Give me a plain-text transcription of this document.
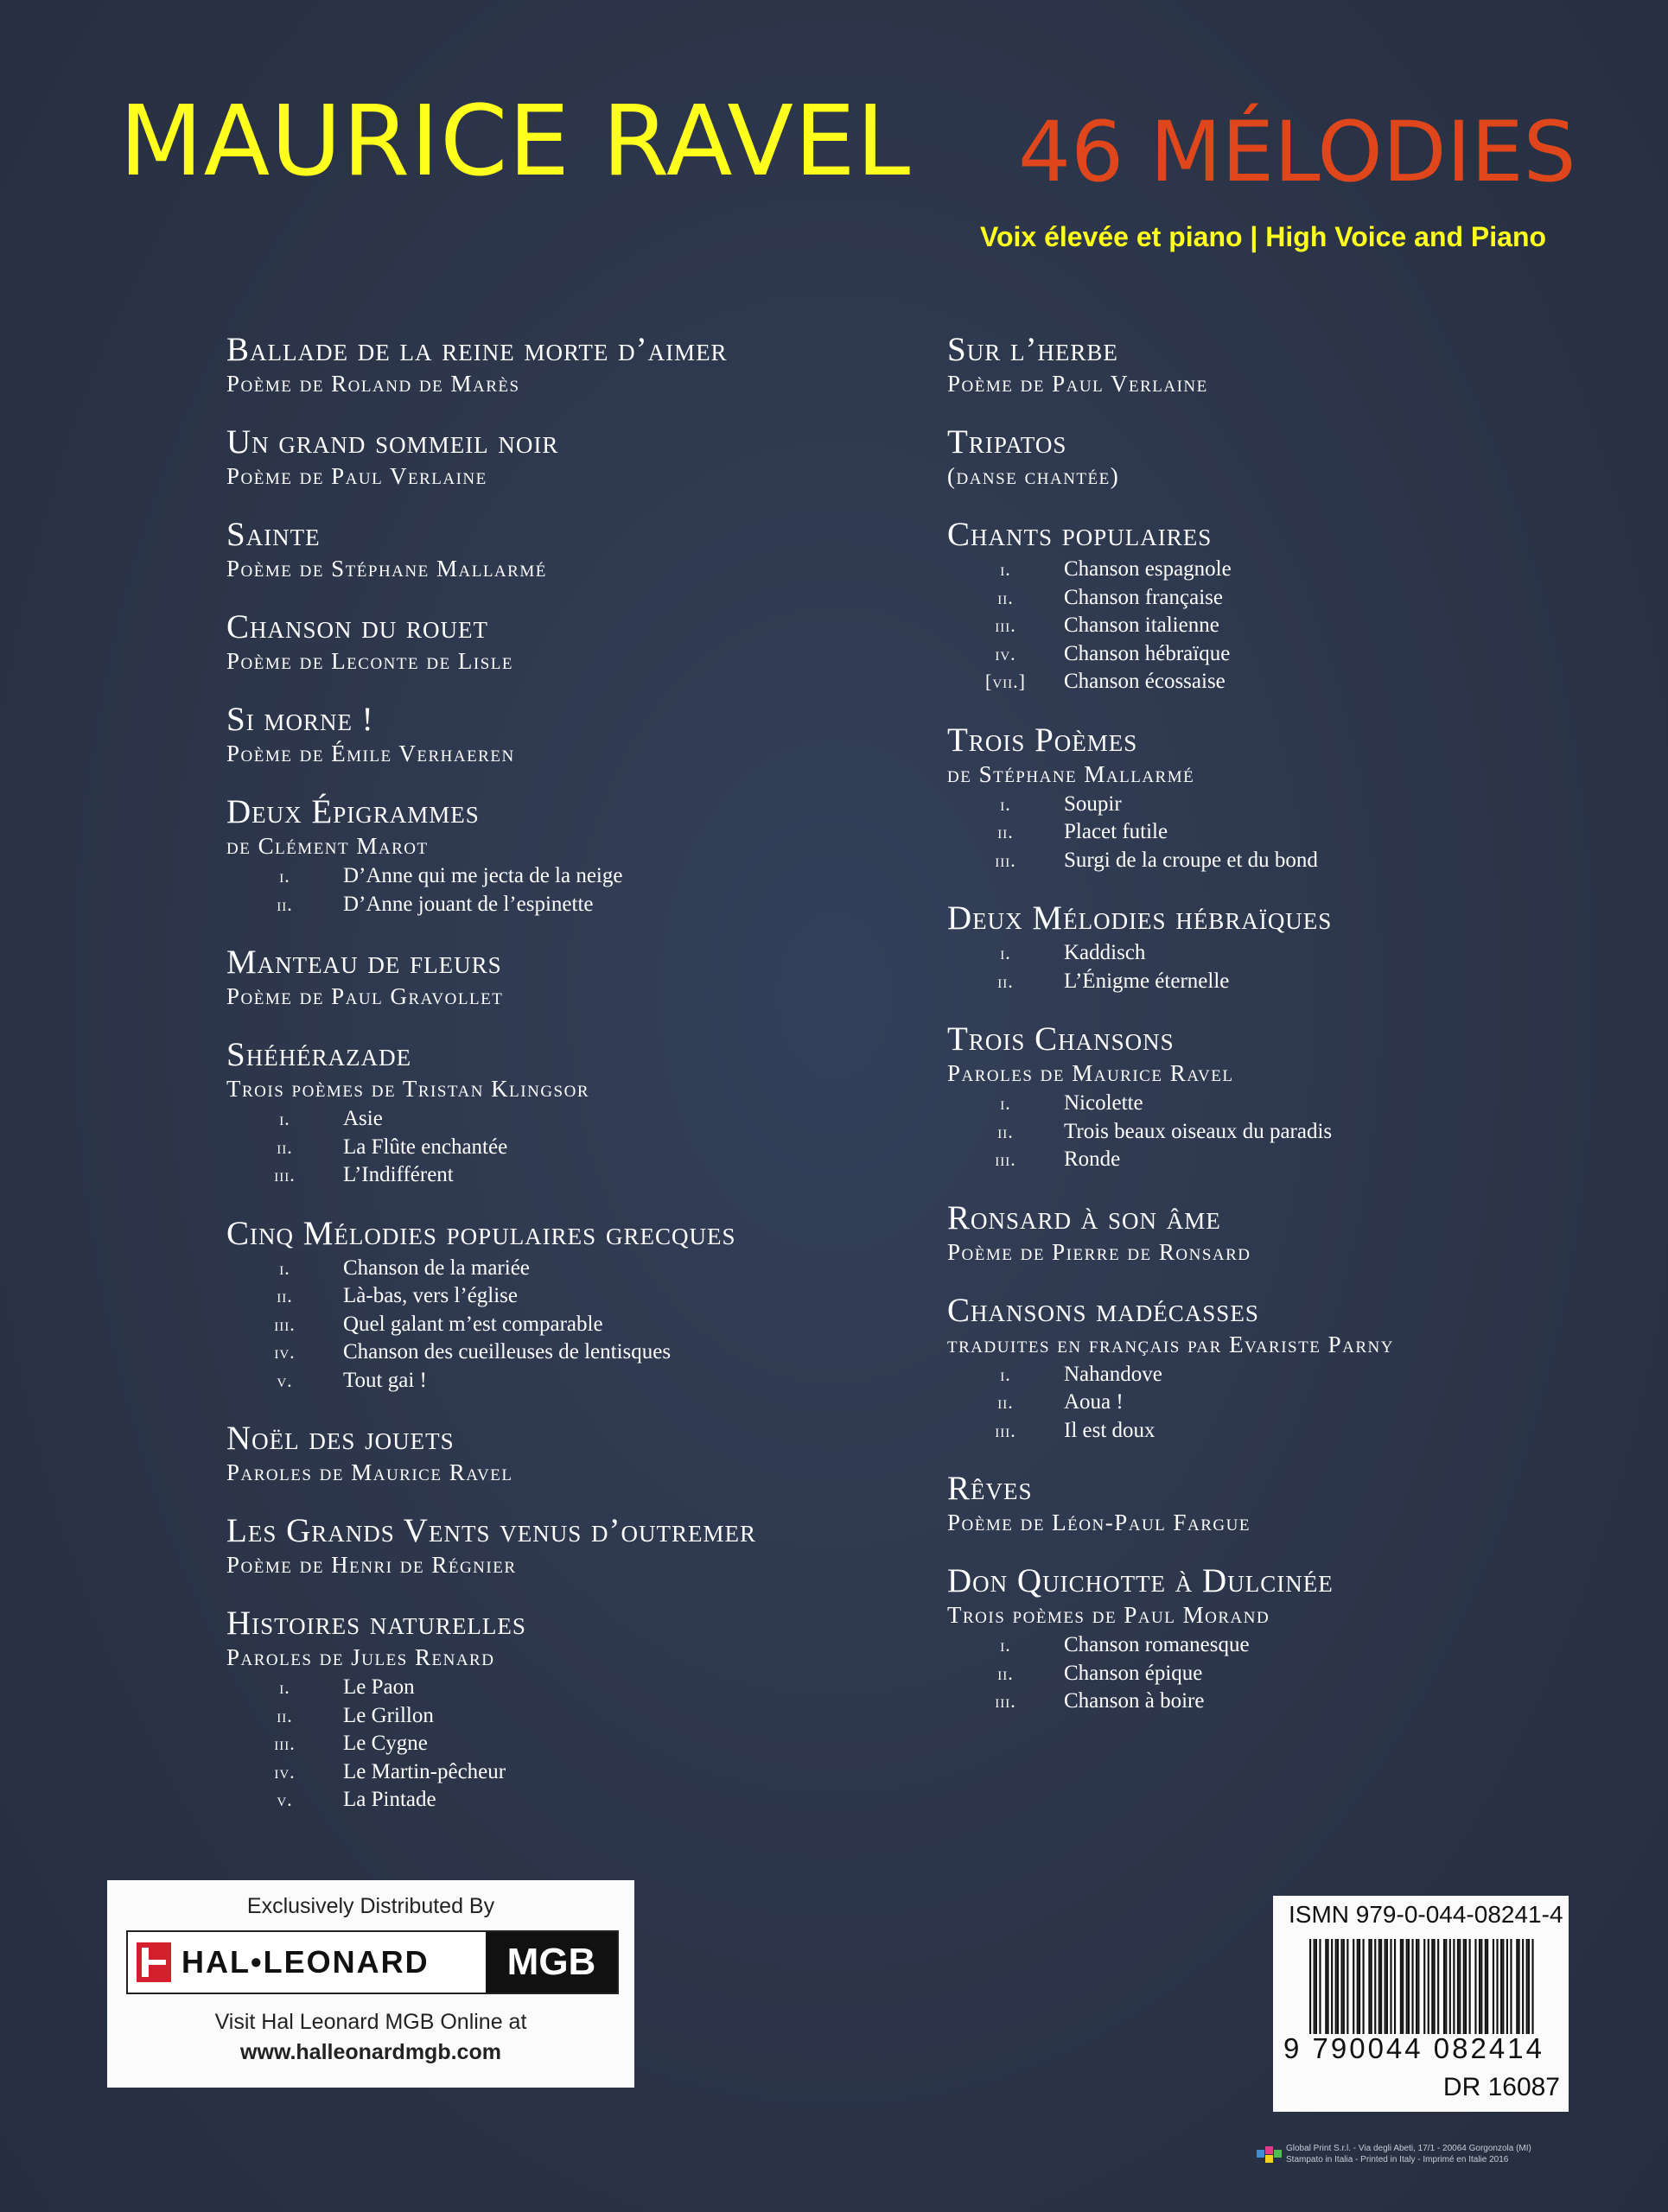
MAURICE RAVEL 46 MÉLODIES
Voix élevée et piano | High Voice and Piano
Ballade de la reine morte d’aimer
Poème de Roland de Marès
Un grand sommeil noir
Poème de Paul Verlaine
Sainte
Poème de Stéphane Mallarmé
Chanson du rouet
Poème de Leconte de Lisle
Si morne !
Poème de Émile Verhaeren
Deux Épigrammes
de Clément Marot
i.	D’Anne qui me jecta de la neige
ii.	D’Anne jouant de l’espinette
Manteau de fleurs
Poème de Paul Gravollet
Shéhérazade
Trois poèmes de Tristan Klingsor
i.	Asie
ii.	La Flûte enchantée
iii.	L’Indifférent
Cinq Mélodies populaires grecques
i.	Chanson de la mariée
ii.	Là-bas, vers l’église
iii.	Quel galant m’est comparable
iv.	Chanson des cueilleuses de lentisques
v.	Tout gai !
Noël des jouets
Paroles de Maurice Ravel
Les Grands Vents venus d’outremer
Poème de Henri de Régnier
Histoires naturelles
Paroles de Jules Renard
i.	Le Paon
ii.	Le Grillon
iii.	Le Cygne
iv.	Le Martin-pêcheur
v.	La Pintade
Sur l’herbe
Poème de Paul Verlaine
Tripatos
(danse chantée)
Chants populaires
i.	Chanson espagnole
ii.	Chanson française
iii.	Chanson italienne
iv.	Chanson hébraïque
[vii.]	Chanson écossaise
Trois Poèmes
de Stéphane Mallarmé
i.	Soupir
ii.	Placet futile
iii.	Surgi de la croupe et du bond
Deux Mélodies hébraïques
i.	Kaddisch
ii.	L’Énigme éternelle
Trois Chansons
Paroles de Maurice Ravel
i.	Nicolette
ii.	Trois beaux oiseaux du paradis
iii.	Ronde
Ronsard à son âme
Poème de Pierre de Ronsard
Chansons madécasses
traduites en français par Evariste Parny
i.	Nahandove
ii.	Aoua !
iii.	Il est doux
Rêves
Poème de Léon-Paul Fargue
Don Quichotte à Dulcinée
Trois poèmes de Paul Morand
i.	Chanson romanesque
ii.	Chanson épique
iii.	Chanson à boire
Exclusively Distributed By
HAL•LEONARD	MGB
Visit Hal Leonard MGB Online at
www.halleonardmgb.com
ISMN 979-0-044-08241-4
9 790044 082414
DR 16087
Global Print S.r.l. - Via degli Abeti, 17/1 - 20064 Gorgonzola (MI)
Stampato in Italia - Printed in Italy - Imprimé en Italie 2016
